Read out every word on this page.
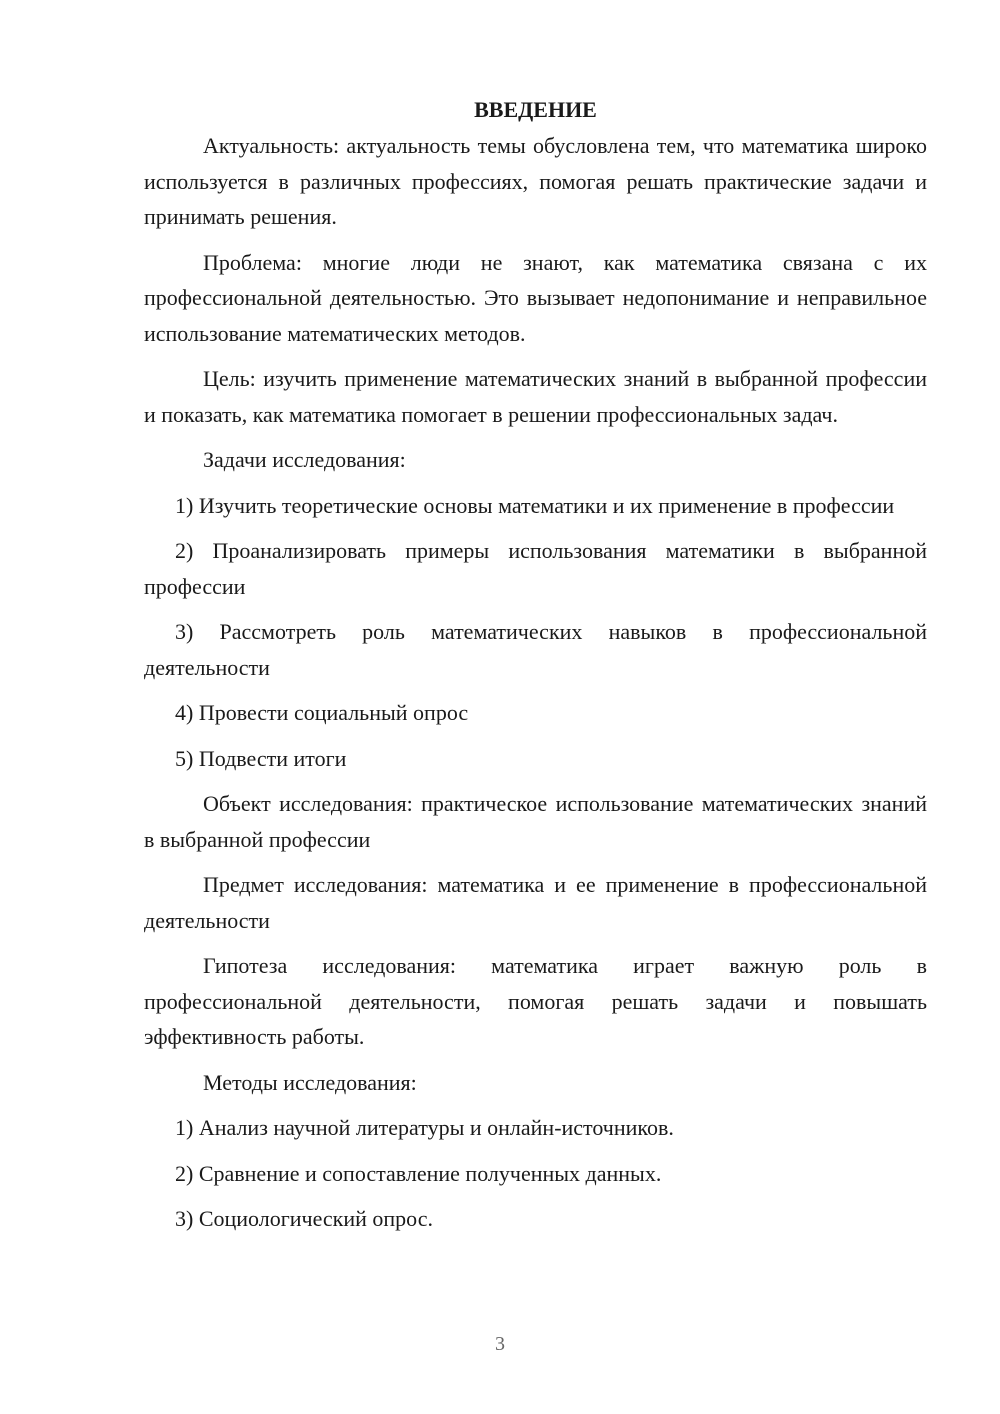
ВВЕДЕНИЕ

Актуальность: актуальность темы обусловлена тем, что математика широко используется в различных профессиях, помогая решать практические задачи и принимать решения.

Проблема: многие люди не знают, как математика связана с их профессиональной деятельностью. Это вызывает недопонимание и неправильное использование математических методов.

Цель: изучить применение математических знаний в выбранной профессии и показать, как математика помогает в решении профессиональных задач.

Задачи исследования:

1) Изучить теоретические основы математики и их применение в профессии

2) Проанализировать примеры использования математики в выбранной профессии

3) Рассмотреть роль математических навыков в профессиональной деятельности

4) Провести социальный опрос

5) Подвести итоги

Объект исследования: практическое использование математических знаний в выбранной профессии

Предмет исследования: математика и ее применение в профессиональной деятельности

Гипотеза исследования: математика играет важную роль в профессиональной деятельности, помогая решать задачи и повышать эффективность работы.

Методы исследования:

1) Анализ научной литературы и онлайн-источников.

2) Сравнение и сопоставление полученных данных.

3) Социологический опрос.

3
